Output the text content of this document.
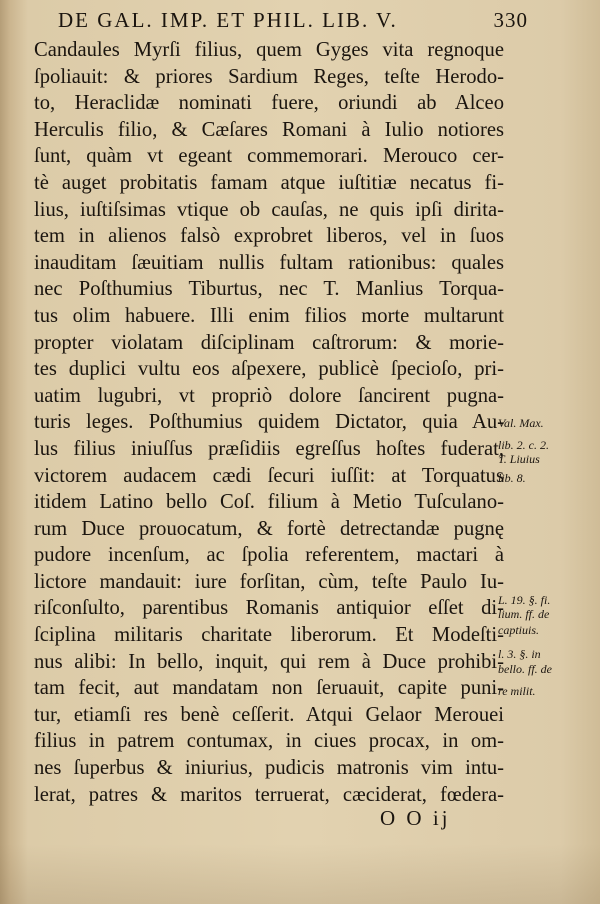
DE GAL. IMP. ET PHIL. LIB. V.	330
Candaules Myrſi filius, quem Gyges vita regnoque
ſpoliauit: & priores Sardium Reges, teſte Herodo-
to, Heraclidæ nominati fuere, oriundi ab Alceo
Herculis filio, & Cæſares Romani à Iulio notiores
ſunt, quàm vt egeant commemorari. Merouco cer-
tè auget probitatis famam atque iuſtitiæ necatus fi-
lius, iuſtiſsimas vtique ob cauſas, ne quis ipſi dirita-
tem in alienos falsò exprobret liberos, vel in ſuos
inauditam ſæuitiam nullis fultam rationibus: quales
nec Poſthumius Tiburtus, nec T. Manlius Torqua-
tus olim habuere. Illi enim filios morte multarunt
propter violatam diſciplinam caſtrorum: & morie-
tes duplici vultu eos aſpexere, publicè ſpecioſo, pri-
uatim lugubri, vt propriò dolore ſancirent pugna-
turis leges. Poſthumius quidem Dictator, quia Au-
lus filius iniuſſus præſidiis egreſſus hoſtes fuderat,
victorem audacem cædi ſecuri iuſſit: at Torquatus
itidem Latino bello Coſ. filium à Metio Tuſculano-
rum Duce prouocatum, & fortè detrectandæ pugnę
pudore incenſum, ac ſpolia referentem, mactari à
lictore mandauit: iure forſitan, cùm, teſte Paulo Iu-
riſconſulto, parentibus Romanis antiquior eſſet di-
ſciplina militaris charitate liberorum. Et Modeſti-
nus alibi: In bello, inquit, qui rem à Duce prohibi-
tam fecit, aut mandatam non ſeruauit, capite puni-
tur, etiamſi res benè ceſſerit. Atqui Gelaor Merouei
filius in patrem contumax, in ciues procax, in om-
nes ſuperbus & iniurius, pudicis matronis vim intu-
lerat, patres & maritos terruerat, cæciderat, fœdera-
Val. Max.
lib. 2. c. 2.
T. Liuius
lib. 8.
L. 19. §. fi.
lium. ff. de
captiuis.
l. 3. §. in
bello. ff. de
re milit.
O O ij
